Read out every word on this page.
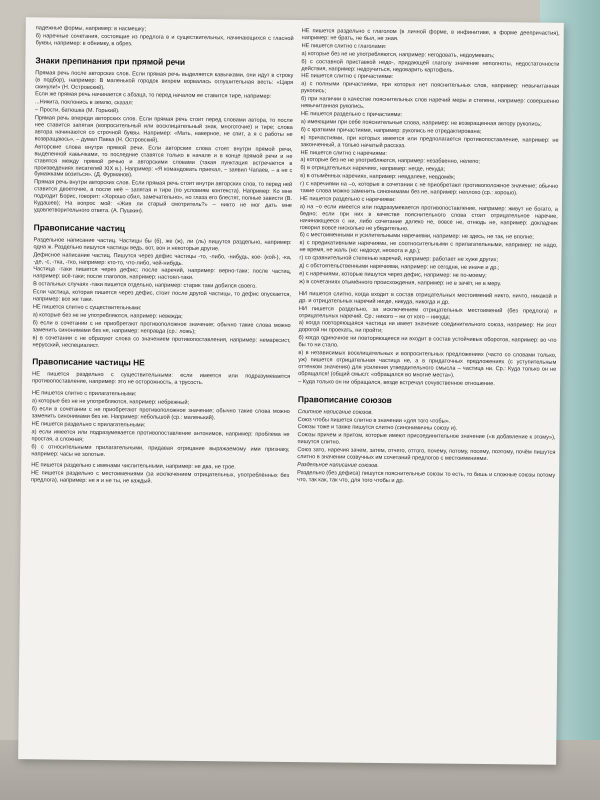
падежные формы, например: в насмешку;

б) наречные сочетания, состоящие из предлога в и существительных, начинающихся с гласной буквы, например: в обнимку, в обрез.

Знаки препинания при прямой речи

Прямая речь после авторских слов. Если прямая речь выделяется кавычками, они идут в строку (в подбор), например: В маленькой городок вихрем ворвалась оглушительная весть: «Царя скинули!» (Н. Островский).

Если же прямая речь начинается с абзаца, то перед началом ее ставится тире, например:

...Никита, поклонись в землю, сказал:

– Прости, батюшка (М. Горький).

Прямая речь впереди авторских слов. Если прямая речь стоит перед словами автора, то после нее ставится запятая (вопросительный или восклицательный знак, многоточие) и тире; слова автора начинаются со строчной буквы. Например: «Мать, наверное, не спит, а я с работы не возвращаюсь», – думал Павка (Н. Островский).

Авторские слова внутри прямой речи. Если авторские слова стоят внутри прямой речи, выделенной кавычками, то последние ставятся только в начале и в конце прямой речи и не ставятся между прямой речью и авторскими словами (такая пунктация встречается в произведениях писателей XIX в.). Например: «Я командовать приехал, – заявил Чапаев, – а не с бумажками возиться». (Д. Фурманов).

Прямая речь внутри авторских слов. Если прямая речь стоит внутри авторских слов, то перед ней ставится двоеточие, а после неё – запятая и тире (по условиям контекста). Например: Ко мне подходит Борис, говорит: «Хорошо сбил, замечательно», но глаза его блестят, полные зависти (В. Кудашев); На вопрос мой: «Жив ли старый смотритель?» – никто не мог дать мне удовлетворительного ответа. (А. Пушкин).

Правописание частиц

Раздельное написание частиц. Частицы бы (б), же (ж), ли (ль) пишутся раздельно, например: одна ж. Раздельно пишутся частицы ведь, вот, вон и некоторые другие.

Дефисное написание частиц. Пишутся через дефис частицы -то, -либо, -нибудь, кое- (кой-), -ка, -де, -с, -тка, -тко, например: кто-то, что-либо, чей-нибудь.

Частица -таки пишется через дефис; после наречий, например: верно-таки; после частиц, например: всё-таки; после глаголов, например: настоял-таки.

В остальных случаях -таки пишется отдельно, например: старик таки добился своего.

Если частица, которая пишется через дефис, стоит после другой частицы, то дефис опускается, например: все же таки.

НЕ пишется слитно с существительными:

а) которые без не не употребляются, например: невежда;

б) если в сочетании с не приобретают противоположное значение; обычно такие слова можно заменить синонимами без не, например: неправда (ср.: ложь);

в) в сочетании с не образуют слова со значением противопоставления, например: немарксист, неруcский, неспециалист.

Правописание частицы НЕ

НЕ пишется раздельно с существительными: если имеется или подразумевается противопоставление, например: это не осторожность, а трусость.

НЕ пишется слитно с прилагательными:

а) которые без не не употребляются, например: небрежный;

б) если в сочетании с не приобретают противоположное значение; обычно такие слова можно заменить синонимами без не. Например: небольшой (ср.: маленький).

НЕ пишется раздельно с прилагательными:

а) если имеется или подразумевается противопоставление антонимов, например: проблема не простая, а сложная;

б) с относительными прилагательными, придавая отрицание выражаемому ими признаку, например: часы не золотые.

НЕ пишется раздельно с именами числительными, например: не два, не трое.

НЕ пишется раздельно с местоимениями (за исключением отрицательных, употреблённых без предлога), например: не я и не ты, не каждый.

НЕ пишется раздельно с глаголом (в личной форме, в инфинитиве, в форме деепричастия), например: не брать, не был, не зная.

НЕ пишется слитно с глаголами:

а) которые без не не употребляются, например: негодовать, недоумевать;

б) с составной приставкой недо-, придающей глаголу значение неполноты, недостаточности действия, например: недоучиться, недоварить картофель.

НЕ пишется слитно с причастиями:

а) с полными причастиями, при которых нет пояснительных слов, например: невычитанная рукопись;

б) при наличии в качестве пояснительных слов наречий меры и степени, например: совершенно невычитанная рукопись.

НЕ пишется раздельно с причастиями:

а) имеющими при себе пояснительные слова, например: не возвращенная автору рукопись;

б) с краткими причастиями, например: рукопись не отредактирована;

в) причастиями, при которых имеется или предполагается противопоставление, например: не законченный, а только начатый рассказ.

НЕ пишется слитно с наречиями:

а) которые без не не употребляются, например: незабвенно, нелепо;

б) в отрицательных наречиях, например: негде, некуда;

в) в отымённых наречиях, например: невдалеке, невдомёк;

г) с наречиями на –о, которые в сочетании с не приобретают противоположное значение; обычно такие слова можно заменить синонимами без не, например: неплохо (ср.: хорошо).

НЕ пишется раздельно с наречиями:

а) на –о если имеется или подразумевается противопоставление, например: живут не богато, а бедно; если при них в качестве пояснительного слова стоит отрицательное наречие, начинающееся с ни, либо сочетание далеко не, вовсе не, отнюдь не, например: докладчик говорил вовсе нисколько не убедительно.

б) с местоименными и усилительными наречиями, например: не здесь, не так, не вполне;

в) с предикативными наречиями, не соотносительными с прилагательными, например: не надо, не время, не жаль (но: недосуг, неохота и др.);

г) со сравнительной степенью наречий, например: работает не хуже других;

д) с обстоятельственными наречиями, например: не сегодня, не иначе и др.;

е) с наречиями, которые пишутся через дефис, например: не по-моему;

ж) в сочетаниях отымённого происхождения, например: не в зачёт, не в меру.

НИ пишется слитно, когда входит в состав отрицательных местоимений никто, ничто, никакой и др. и отрицательных наречий нигде, никуда, никогда и др.

НИ пишется раздельно, за исключением отрицательных местоимений (без предлога) и отрицательных наречий. Ср.: никого – ни от кого – никуда;

а) когда повторяющаяся частица ни имеет значение соединительного союза, например: Ни этот дорогой ни проехать, ни пройти;

б) когда одиночное ни повторяющееся ни входит в состав устойчивых оборотов, например: во что бы то ни стало.

в) в независимых восклицательных и вопросительных предложениях (часто со словами только, уж) пишется отрицательная частица не, а в придаточных предложениях (с уступительным оттенком значения) для усиления утвердительного смысла – частица ни. Ср.: Куда только он не обращался! (общий смысл: «обращался во многие места»).

– Куда только он ни обращался, везде встречал сочувственное отношение.

Правописание союзов

Слитное написание союзов.

Союз чтобы пишется слитно в значении «для того чтобы».

Союзы тоже и также пишутся слитно (синонимичны союзу и).

Союзы причем и притом, которые имеют присоединительное значение («в добавление к этому»), пишутся слитно.

Союз зато, наречия зачем, затем, отчего, оттого, почему, потому, посему, поэтому, почём пишутся слитно в значении созвучных им сочетаний предлогов с местоимениями.

Раздельное написание союзов.

Раздельно (без дефиса) пишутся пояснительные союзы то есть, то бишь и сложные союзы потому что, так как, так что, для того чтобы и др.
